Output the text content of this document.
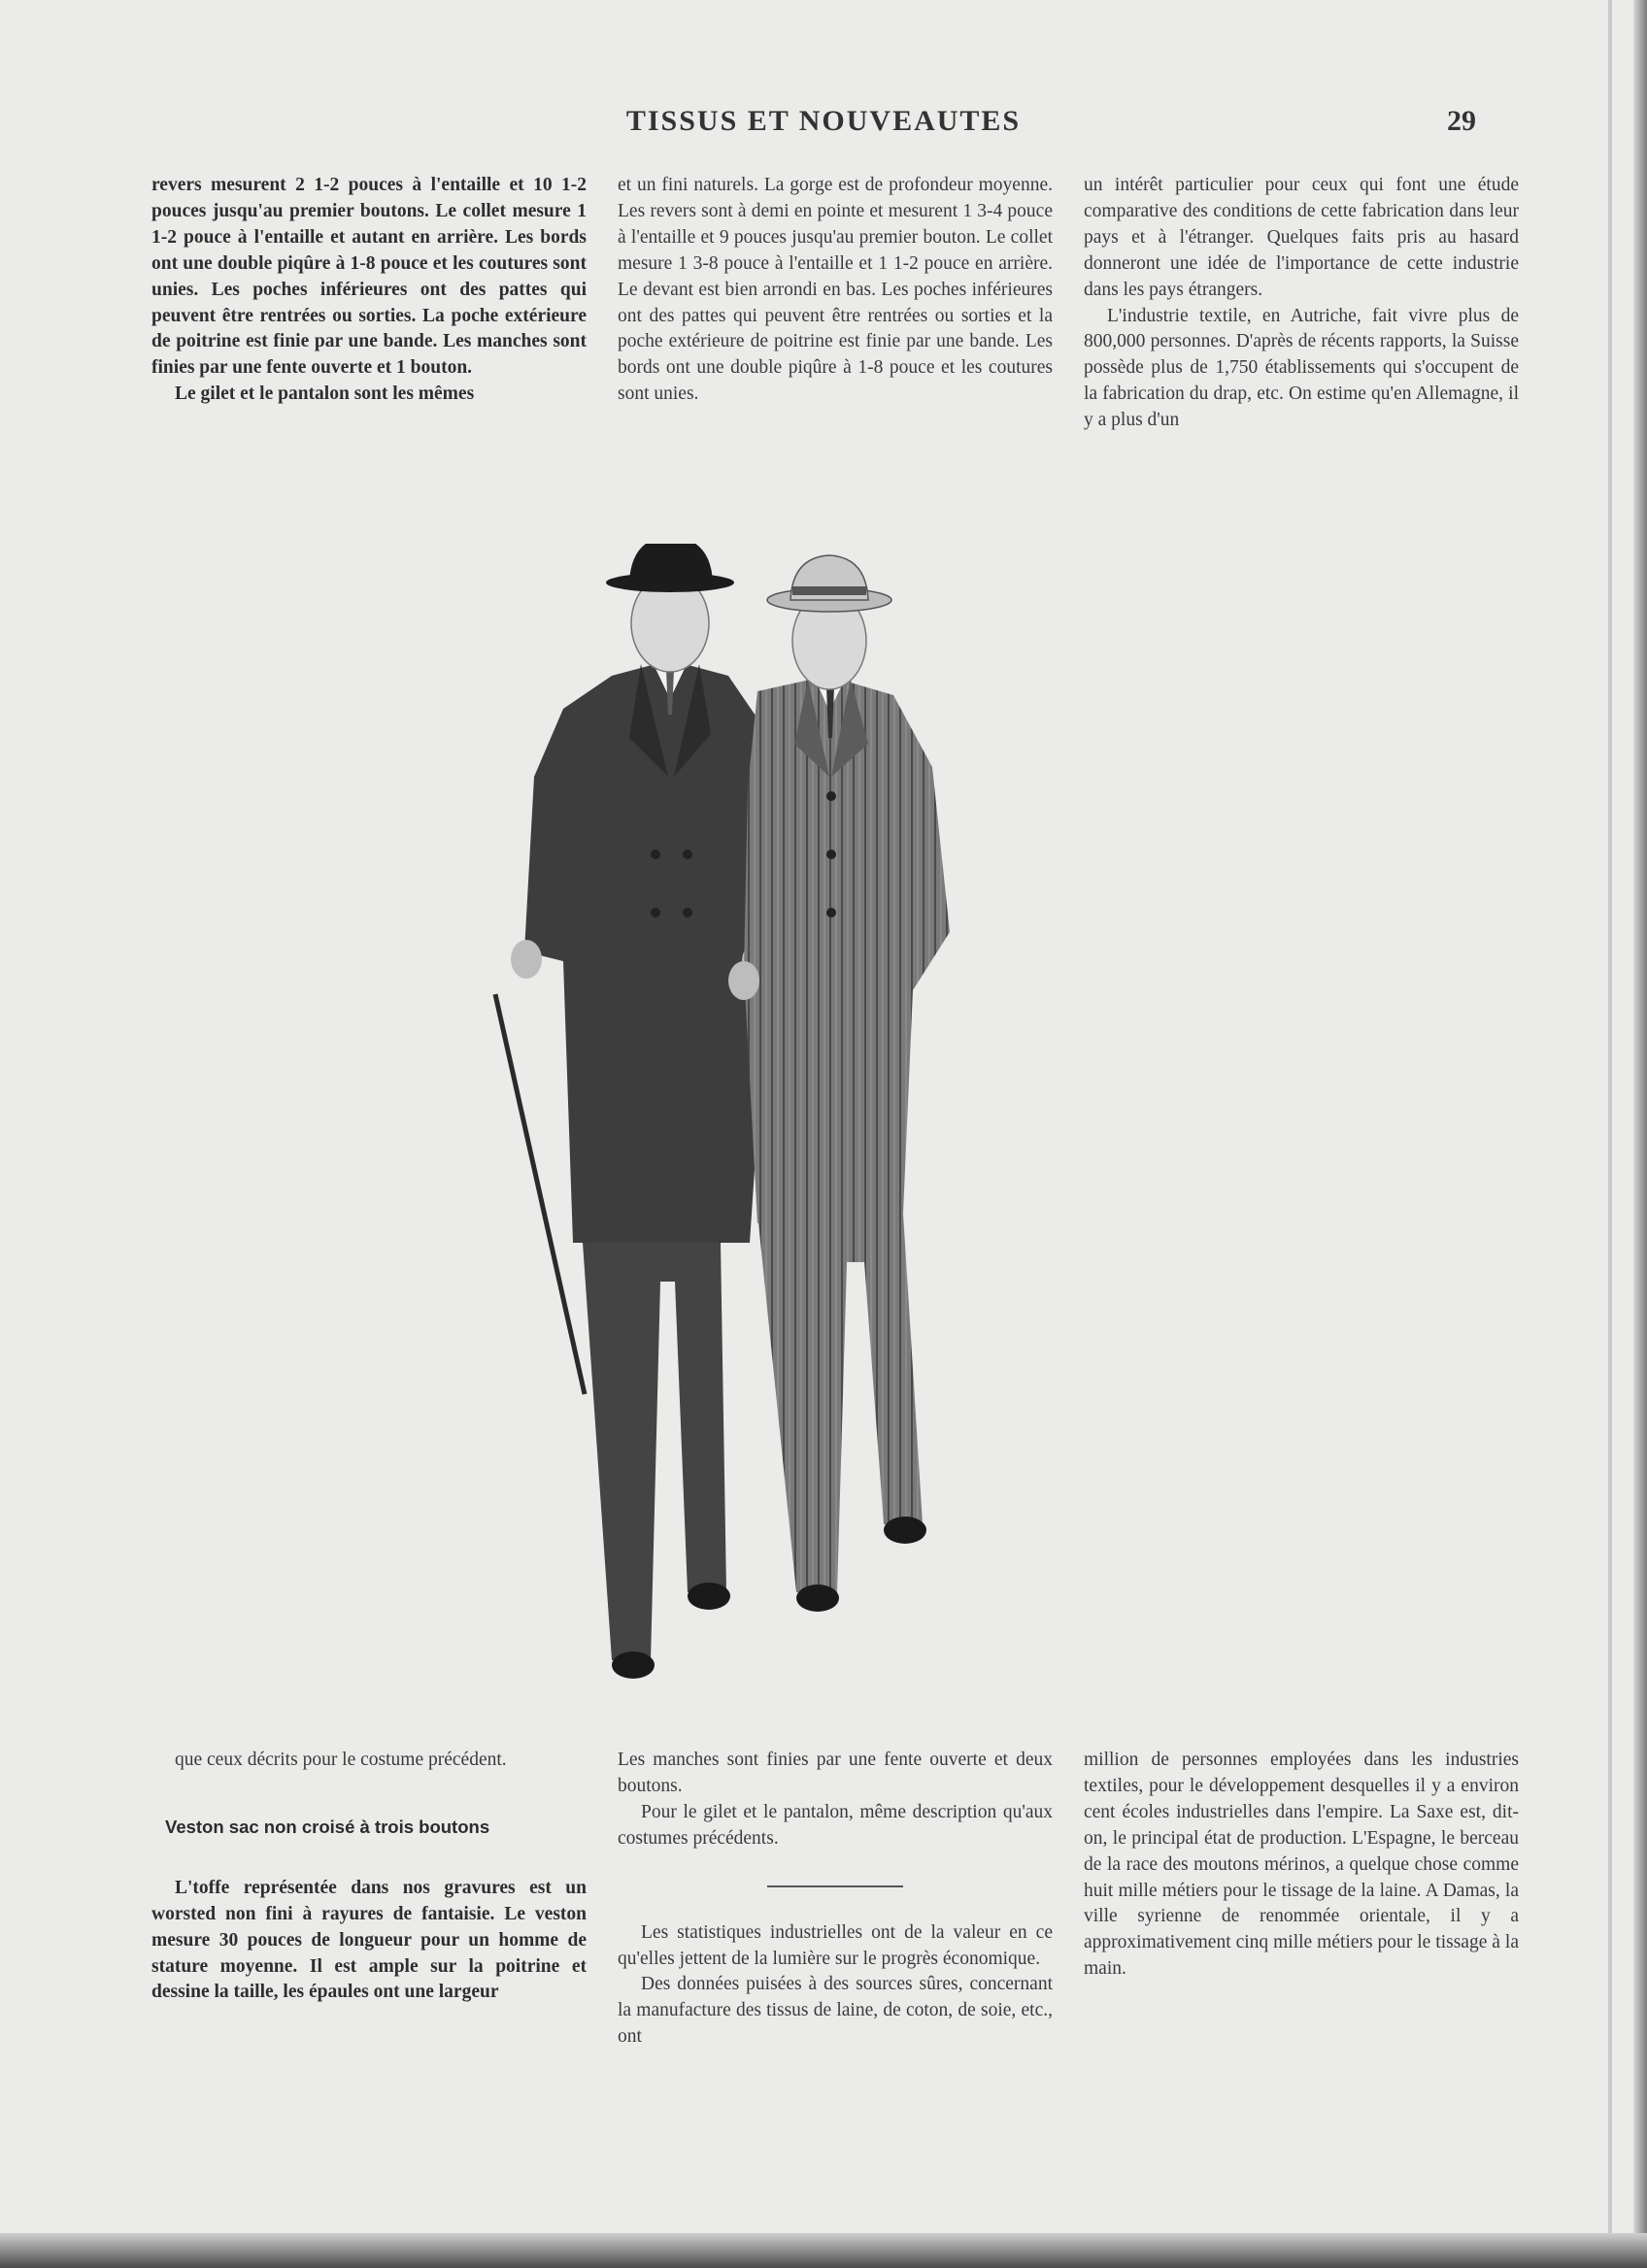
TISSUS ET NOUVEAUTES	29

revers mesurent 2 1-2 pouces à l'entaille et 10 1-2 pouces jusqu'au premier boutons. Le collet mesure 1 1-2 pouce à l'entaille et autant en arrière. Les bords ont une double piqûre à 1-8 pouce et les coutures sont unies. Les poches inférieures ont des pattes qui peuvent être rentrées ou sorties. La poche extérieure de poitrine est finie par une bande. Les manches sont finies par une fente ouverte et 1 bouton.

Le gilet et le pantalon sont les mêmes

et un fini naturels. La gorge est de profondeur moyenne. Les revers sont à demi en pointe et mesurent 1 3-4 pouce à l'entaille et 9 pouces jusqu'au premier bouton. Le collet mesure 1 3-8 pouce à l'entaille et 1 1-2 pouce en arrière. Le devant est bien arrondi en bas. Les poches inférieures ont des pattes qui peuvent être rentrées ou sorties et la poche extérieure de poitrine est finie par une bande. Les bords ont une double piqûre à 1-8 pouce et les coutures sont unies.

un intérêt particulier pour ceux qui font une étude comparative des conditions de cette fabrication dans leur pays et à l'étranger. Quelques faits pris au hasard donneront une idée de l'importance de cette industrie dans les pays étrangers.

L'industrie textile, en Autriche, fait vivre plus de 800,000 personnes. D'après de récents rapports, la Suisse possède plus de 1,750 établissements qui s'occupent de la fabrication du drap, etc. On estime qu'en Allemagne, il y a plus d'un

que ceux décrits pour le costume précédent.

Veston sac non croisé à trois boutons

L'toffe représentée dans nos gravures est un worsted non fini à rayures de fantaisie. Le veston mesure 30 pouces de longueur pour un homme de stature moyenne. Il est ample sur la poitrine et dessine la taille, les épaules ont une largeur

Les manches sont finies par une fente ouverte et deux boutons.

Pour le gilet et le pantalon, même description qu'aux costumes précédents.

Les statistiques industrielles ont de la valeur en ce qu'elles jettent de la lumière sur le progrès économique.

Des données puisées à des sources sûres, concernant la manufacture des tissus de laine, de coton, de soie, etc., ont

million de personnes employées dans les industries textiles, pour le développement desquelles il y a environ cent écoles industrielles dans l'empire. La Saxe est, dit-on, le principal état de production. L'Espagne, le berceau de la race des moutons mérinos, a quelque chose comme huit mille métiers pour le tissage de la laine. A Damas, la ville syrienne de renommée orientale, il y a approximativement cinq mille métiers pour le tissage à la main.
